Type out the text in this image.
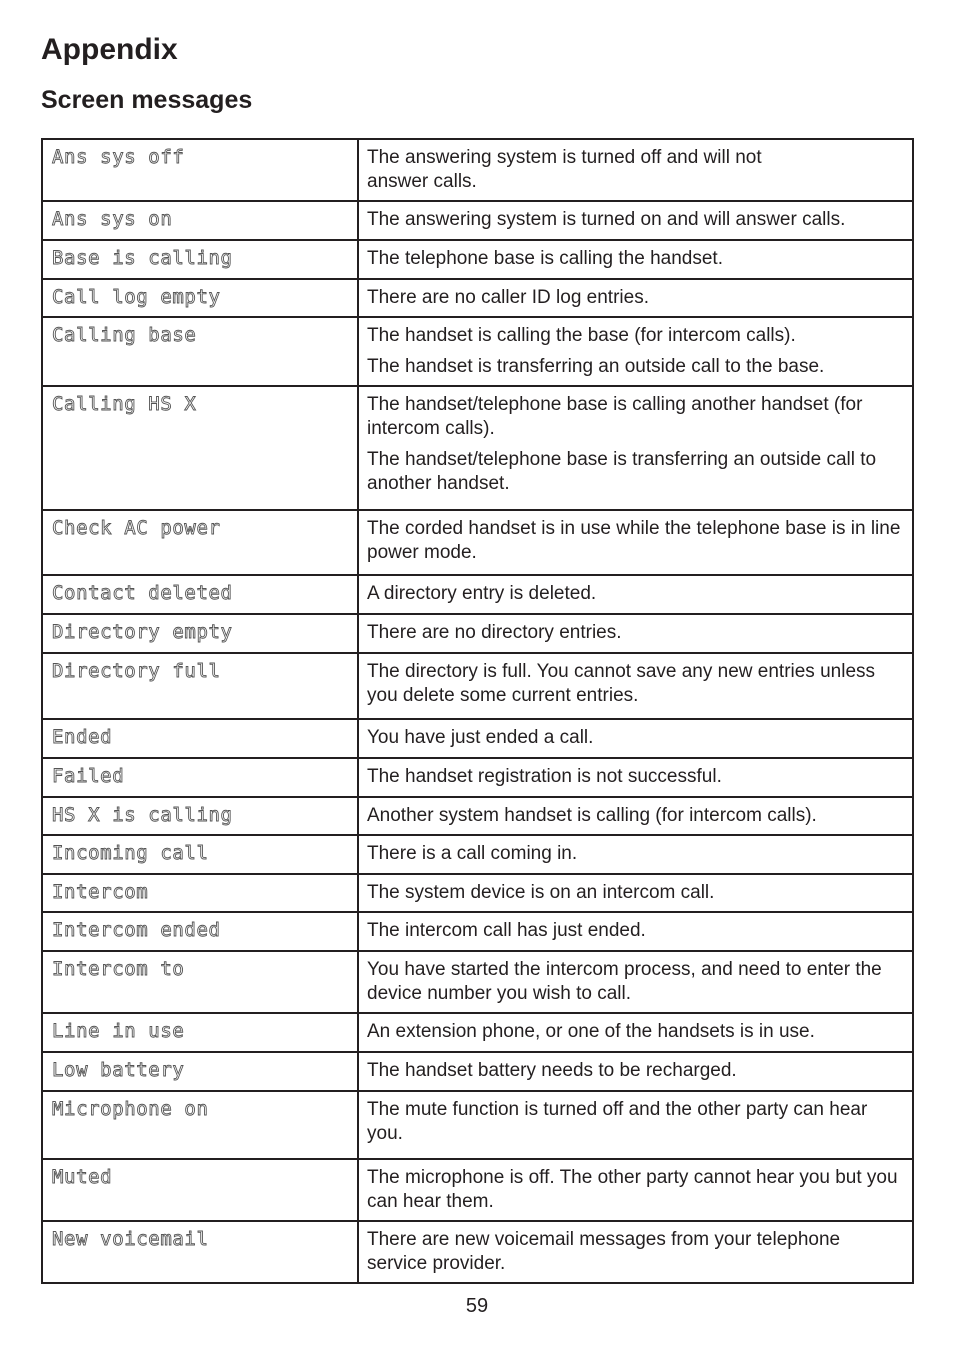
Appendix
Screen messages
Ans sys off	The answering system is turned off and will not
answer calls.

Ans sys on	The answering system is turned on and will answer calls.

Base is calling	The telephone base is calling the handset.

Call log empty	There are no caller ID log entries.

Calling base	The handset is calling the base (for intercom calls).
The handset is transferring an outside call to the base.

Calling HS X	The handset/telephone base is calling another handset (for intercom calls).
The handset/telephone base is transferring an outside call to another handset.

Check AC power	The corded handset is in use while the telephone base is in line power mode.

Contact deleted	A directory entry is deleted.

Directory empty	There are no directory entries.

Directory full	The directory is full. You cannot save any new entries unless you delete some current entries.

Ended	You have just ended a call.

Failed	The handset registration is not successful.

HS X is calling	Another system handset is calling (for intercom calls).

Incoming call	There is a call coming in.

Intercom	The system device is on an intercom call.

Intercom ended	The intercom call has just ended.

Intercom to	You have started the intercom process, and need to enter the device number you wish to call.

Line in use	An extension phone, or one of the handsets is in use.

Low battery	The handset battery needs to be recharged.

Microphone on	The mute function is turned off and the other party can hear you.

Muted	The microphone is off. The other party cannot hear you but you can hear them.

New voicemail	There are new voicemail messages from your telephone service provider.
59
